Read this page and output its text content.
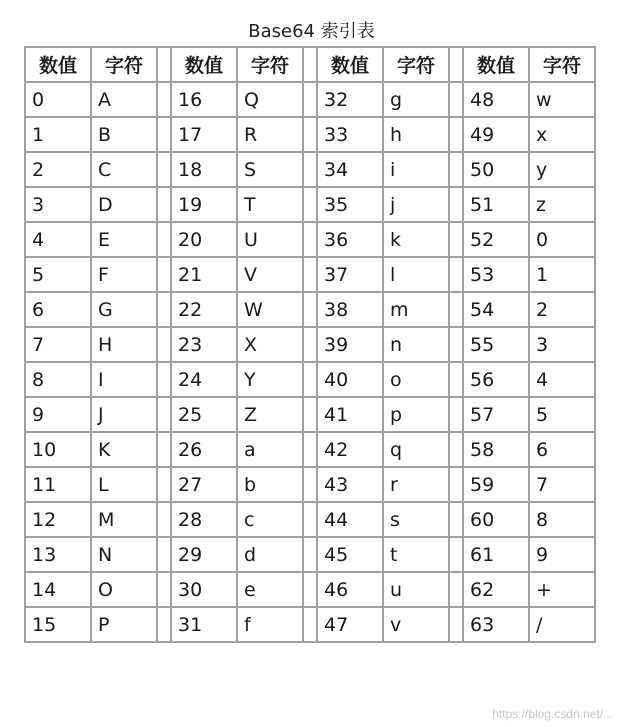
Base64 索引表
数值	字符		数值	字符		数值	字符		数值	字符
0	A		16	Q		32	g		48	w
1	B		17	R		33	h		49	x
2	C		18	S		34	i		50	y
3	D		19	T		35	j		51	z
4	E		20	U		36	k		52	0
5	F		21	V		37	l		53	1
6	G		22	W		38	m		54	2
7	H		23	X		39	n		55	3
8	I		24	Y		40	o		56	4
9	J		25	Z		41	p		57	5
10	K		26	a		42	q		58	6
11	L		27	b		43	r		59	7
12	M		28	c		44	s		60	8
13	N		29	d		45	t		61	9
14	O		30	e		46	u		62	+
15	P		31	f		47	v		63	/
https://blog.csdn.net/...
